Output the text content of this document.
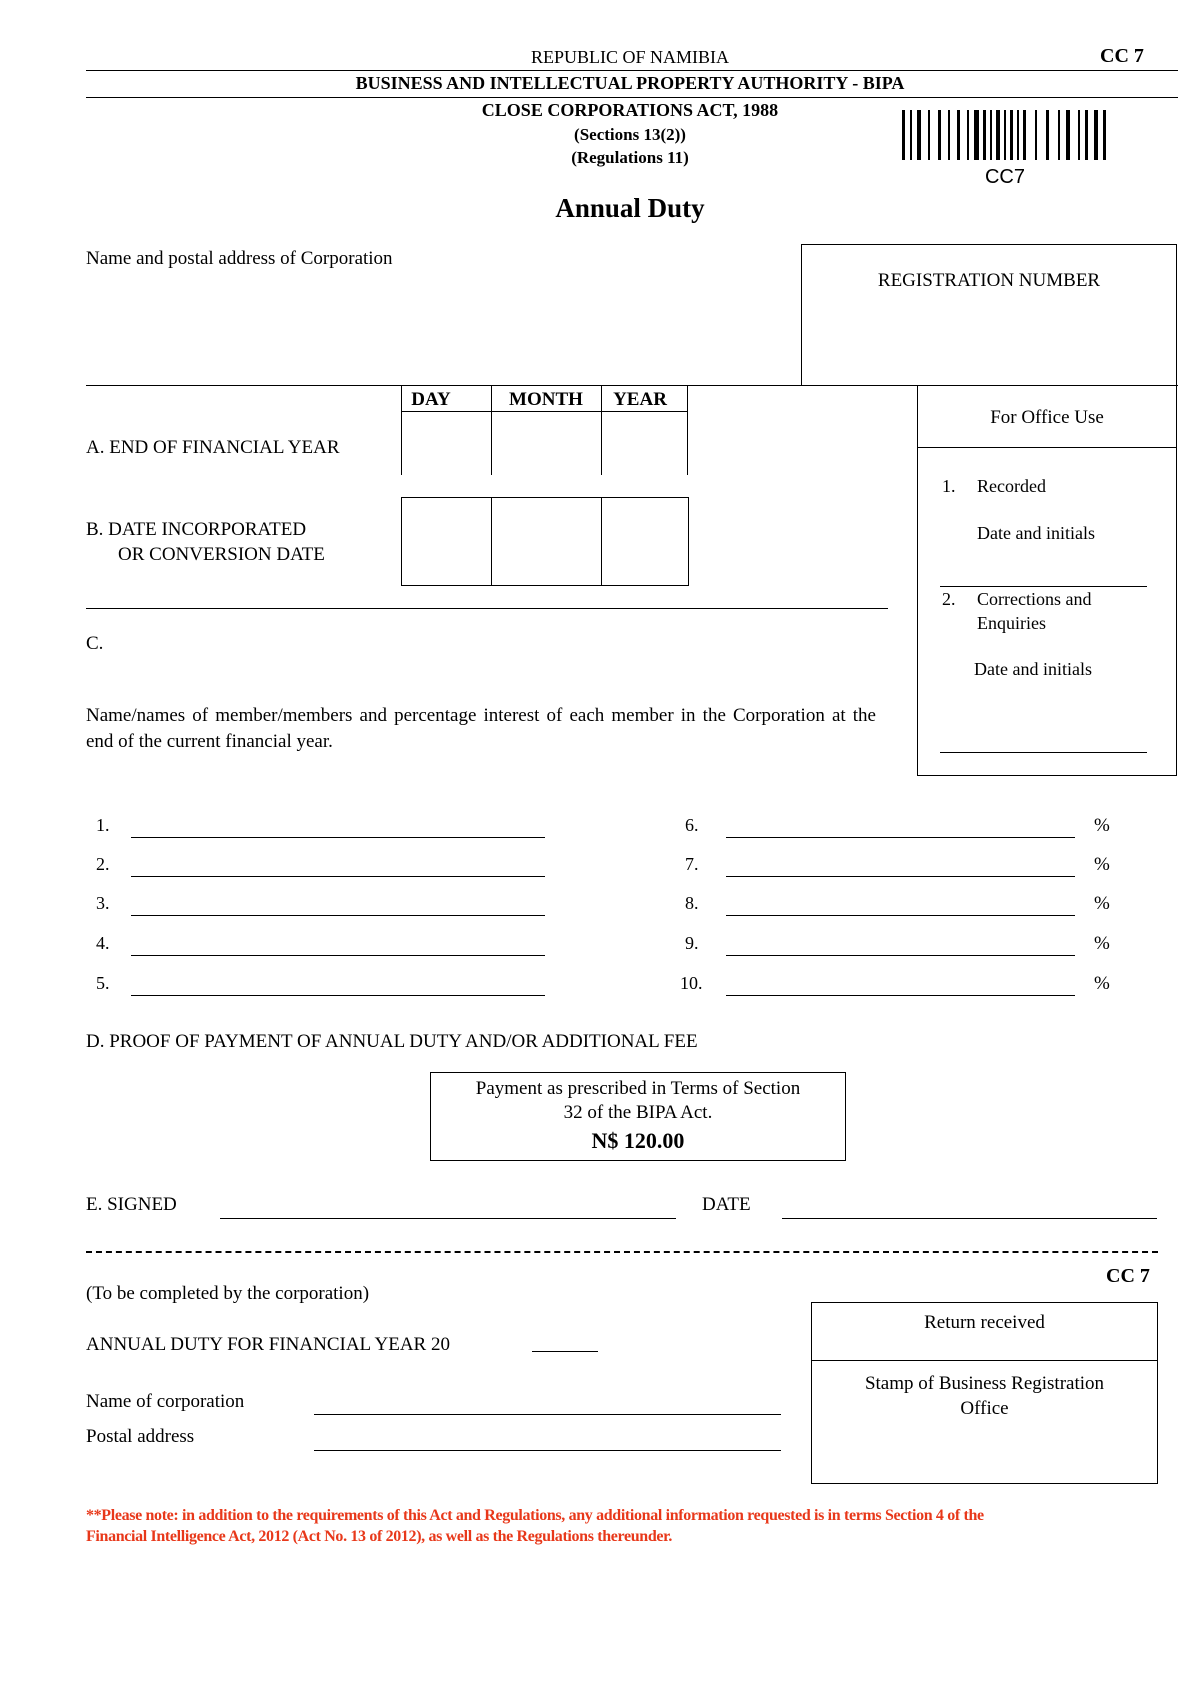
REPUBLIC OF NAMIBIA	CC 7
BUSINESS AND INTELLECTUAL PROPERTY AUTHORITY - BIPA
CLOSE CORPORATIONS ACT, 1988
(Sections 13(2))
(Regulations 11)
CC7
Annual Duty
Name and postal address of Corporation
REGISTRATION NUMBER
DAY	MONTH	YEAR
A. END OF FINANCIAL YEAR
B. DATE INCORPORATED
OR CONVERSION DATE
For Office Use
1. Recorded
Date and initials
2. Corrections and
Enquiries
Date and initials
C.
Name/names of member/members and percentage interest of each member in the Corporation at the end of the current financial year.
1.
2.
3.
4.
5.
6.
7.
8.
9.
10.
%
%
%
%
%
D. PROOF OF PAYMENT OF ANNUAL DUTY AND/OR ADDITIONAL FEE
Payment as prescribed in Terms of Section
32 of the BIPA Act.
N$ 120.00
E. SIGNED	DATE
CC 7
(To be completed by the corporation)
ANNUAL DUTY FOR FINANCIAL YEAR 20
Name of corporation
Postal address
Return received
Stamp of Business Registration
Office
**Please note: in addition to the requirements of this Act and Regulations, any additional information requested is in terms Section 4 of the
Financial Intelligence Act, 2012 (Act No. 13 of 2012), as well as the Regulations thereunder.
